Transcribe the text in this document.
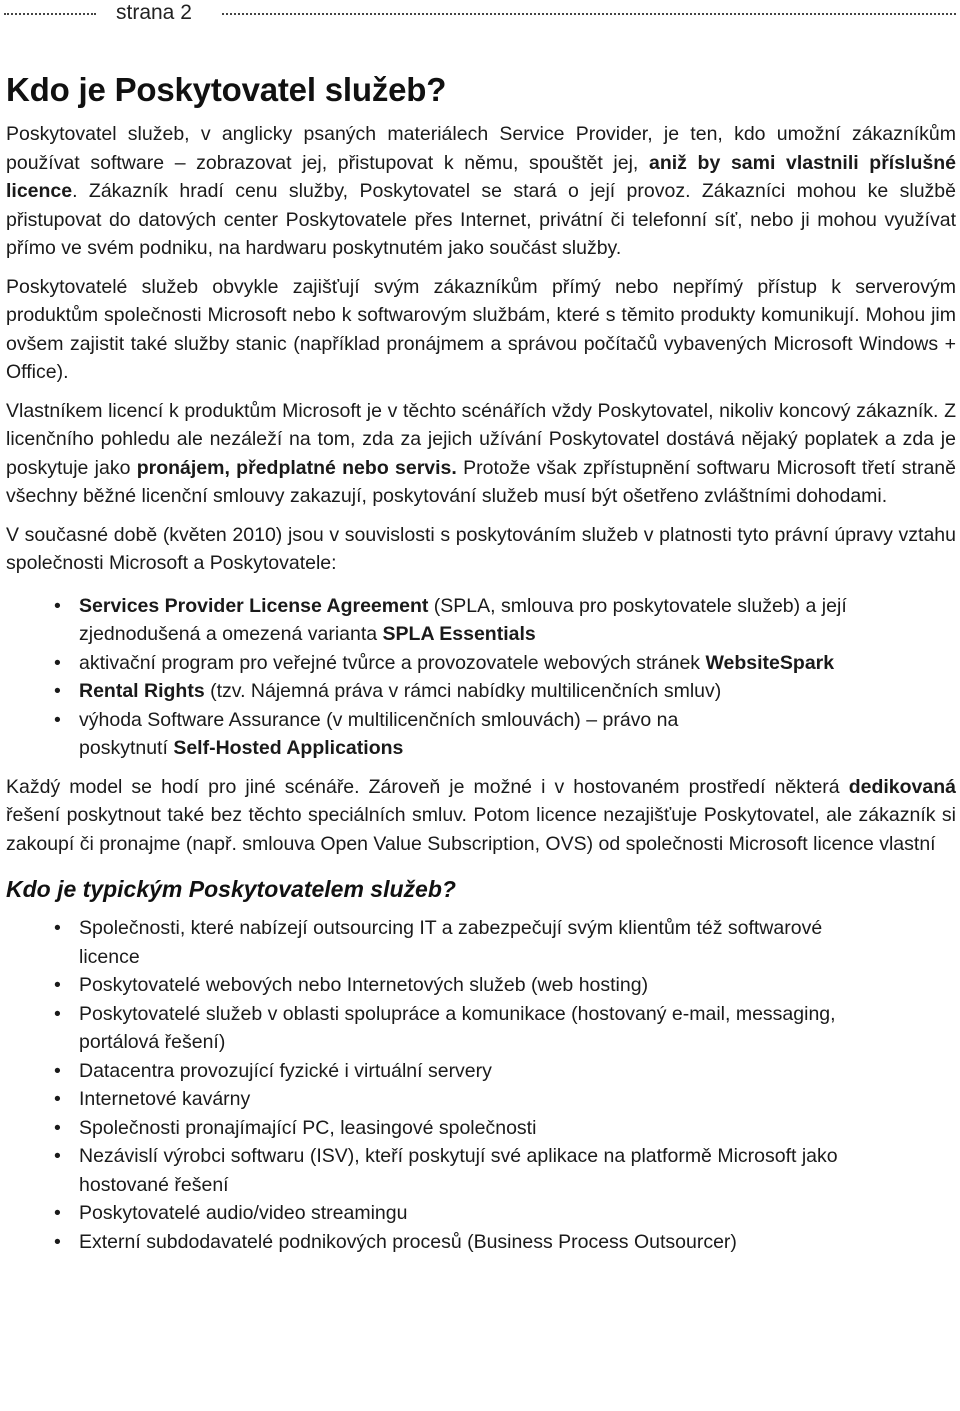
strana 2
Kdo je Poskytovatel služeb?

Poskytovatel služeb, v anglicky psaných materiálech Service Provider, je ten, kdo umožní zákazníkům používat software – zobrazovat jej, přistupovat k němu, spouštět jej, aniž by sami vlastnili příslušné licence. Zákazník hradí cenu služby, Poskytovatel se stará o její provoz. Zákazníci mohou ke službě přistupovat do datových center Poskytovatele přes Internet, privátní či telefonní síť, nebo ji mohou využívat přímo ve svém podniku, na hardwaru poskytnutém jako součást služby.

Poskytovatelé služeb obvykle zajišťují svým zákazníkům přímý nebo nepřímý přístup k serverovým produktům společnosti Microsoft nebo k softwarovým službám, které s těmito produkty komunikují. Mohou jim ovšem zajistit také služby stanic (například pronájmem a správou počítačů vybavených Microsoft Windows + Office).

Vlastníkem licencí k produktům Microsoft je v těchto scénářích vždy Poskytovatel, nikoliv koncový zákazník. Z licenčního pohledu ale nezáleží na tom, zda za jejich užívání Poskytovatel dostává nějaký poplatek a zda je poskytuje jako pronájem, předplatné nebo servis. Protože však zpřístupnění softwaru Microsoft třetí straně všechny běžné licenční smlouvy zakazují, poskytování služeb musí být ošetřeno zvláštními dohodami.

V současné době (květen 2010) jsou v souvislosti s poskytováním služeb v platnosti tyto právní úpravy vztahu společnosti Microsoft a Poskytovatele:

• Services Provider License Agreement (SPLA, smlouva pro poskytovatele služeb) a její zjednodušená a omezená varianta SPLA Essentials
• aktivační program pro veřejné tvůrce a provozovatele webových stránek WebsiteSpark
• Rental Rights (tzv. Nájemná práva v rámci nabídky multilicenčních smluv)
• výhoda Software Assurance (v multilicenčních smlouvách) – právo na poskytnutí Self-Hosted Applications

Každý model se hodí pro jiné scénáře. Zároveň je možné i v hostovaném prostředí některá dedikovaná řešení poskytnout také bez těchto speciálních smluv. Potom licence nezajišťuje Poskytovatel, ale zákazník si zakoupí či pronajme (např. smlouva Open Value Subscription, OVS) od společnosti Microsoft licence vlastní

Kdo je typickým Poskytovatelem služeb?
• Společnosti, které nabízejí outsourcing IT a zabezpečují svým klientům též softwarové licence
• Poskytovatelé webových nebo Internetových služeb (web hosting)
• Poskytovatelé služeb v oblasti spolupráce a komunikace (hostovaný e-mail, messaging, portálová řešení)
• Datacentra provozující fyzické i virtuální servery
• Internetové kavárny
• Společnosti pronajímající PC, leasingové společnosti
• Nezávislí výrobci softwaru (ISV), kteří poskytují své aplikace na platformě Microsoft jako hostované řešení
• Poskytovatelé audio/video streamingu
• Externí subdodavatelé podnikových procesů (Business Process Outsourcer)
